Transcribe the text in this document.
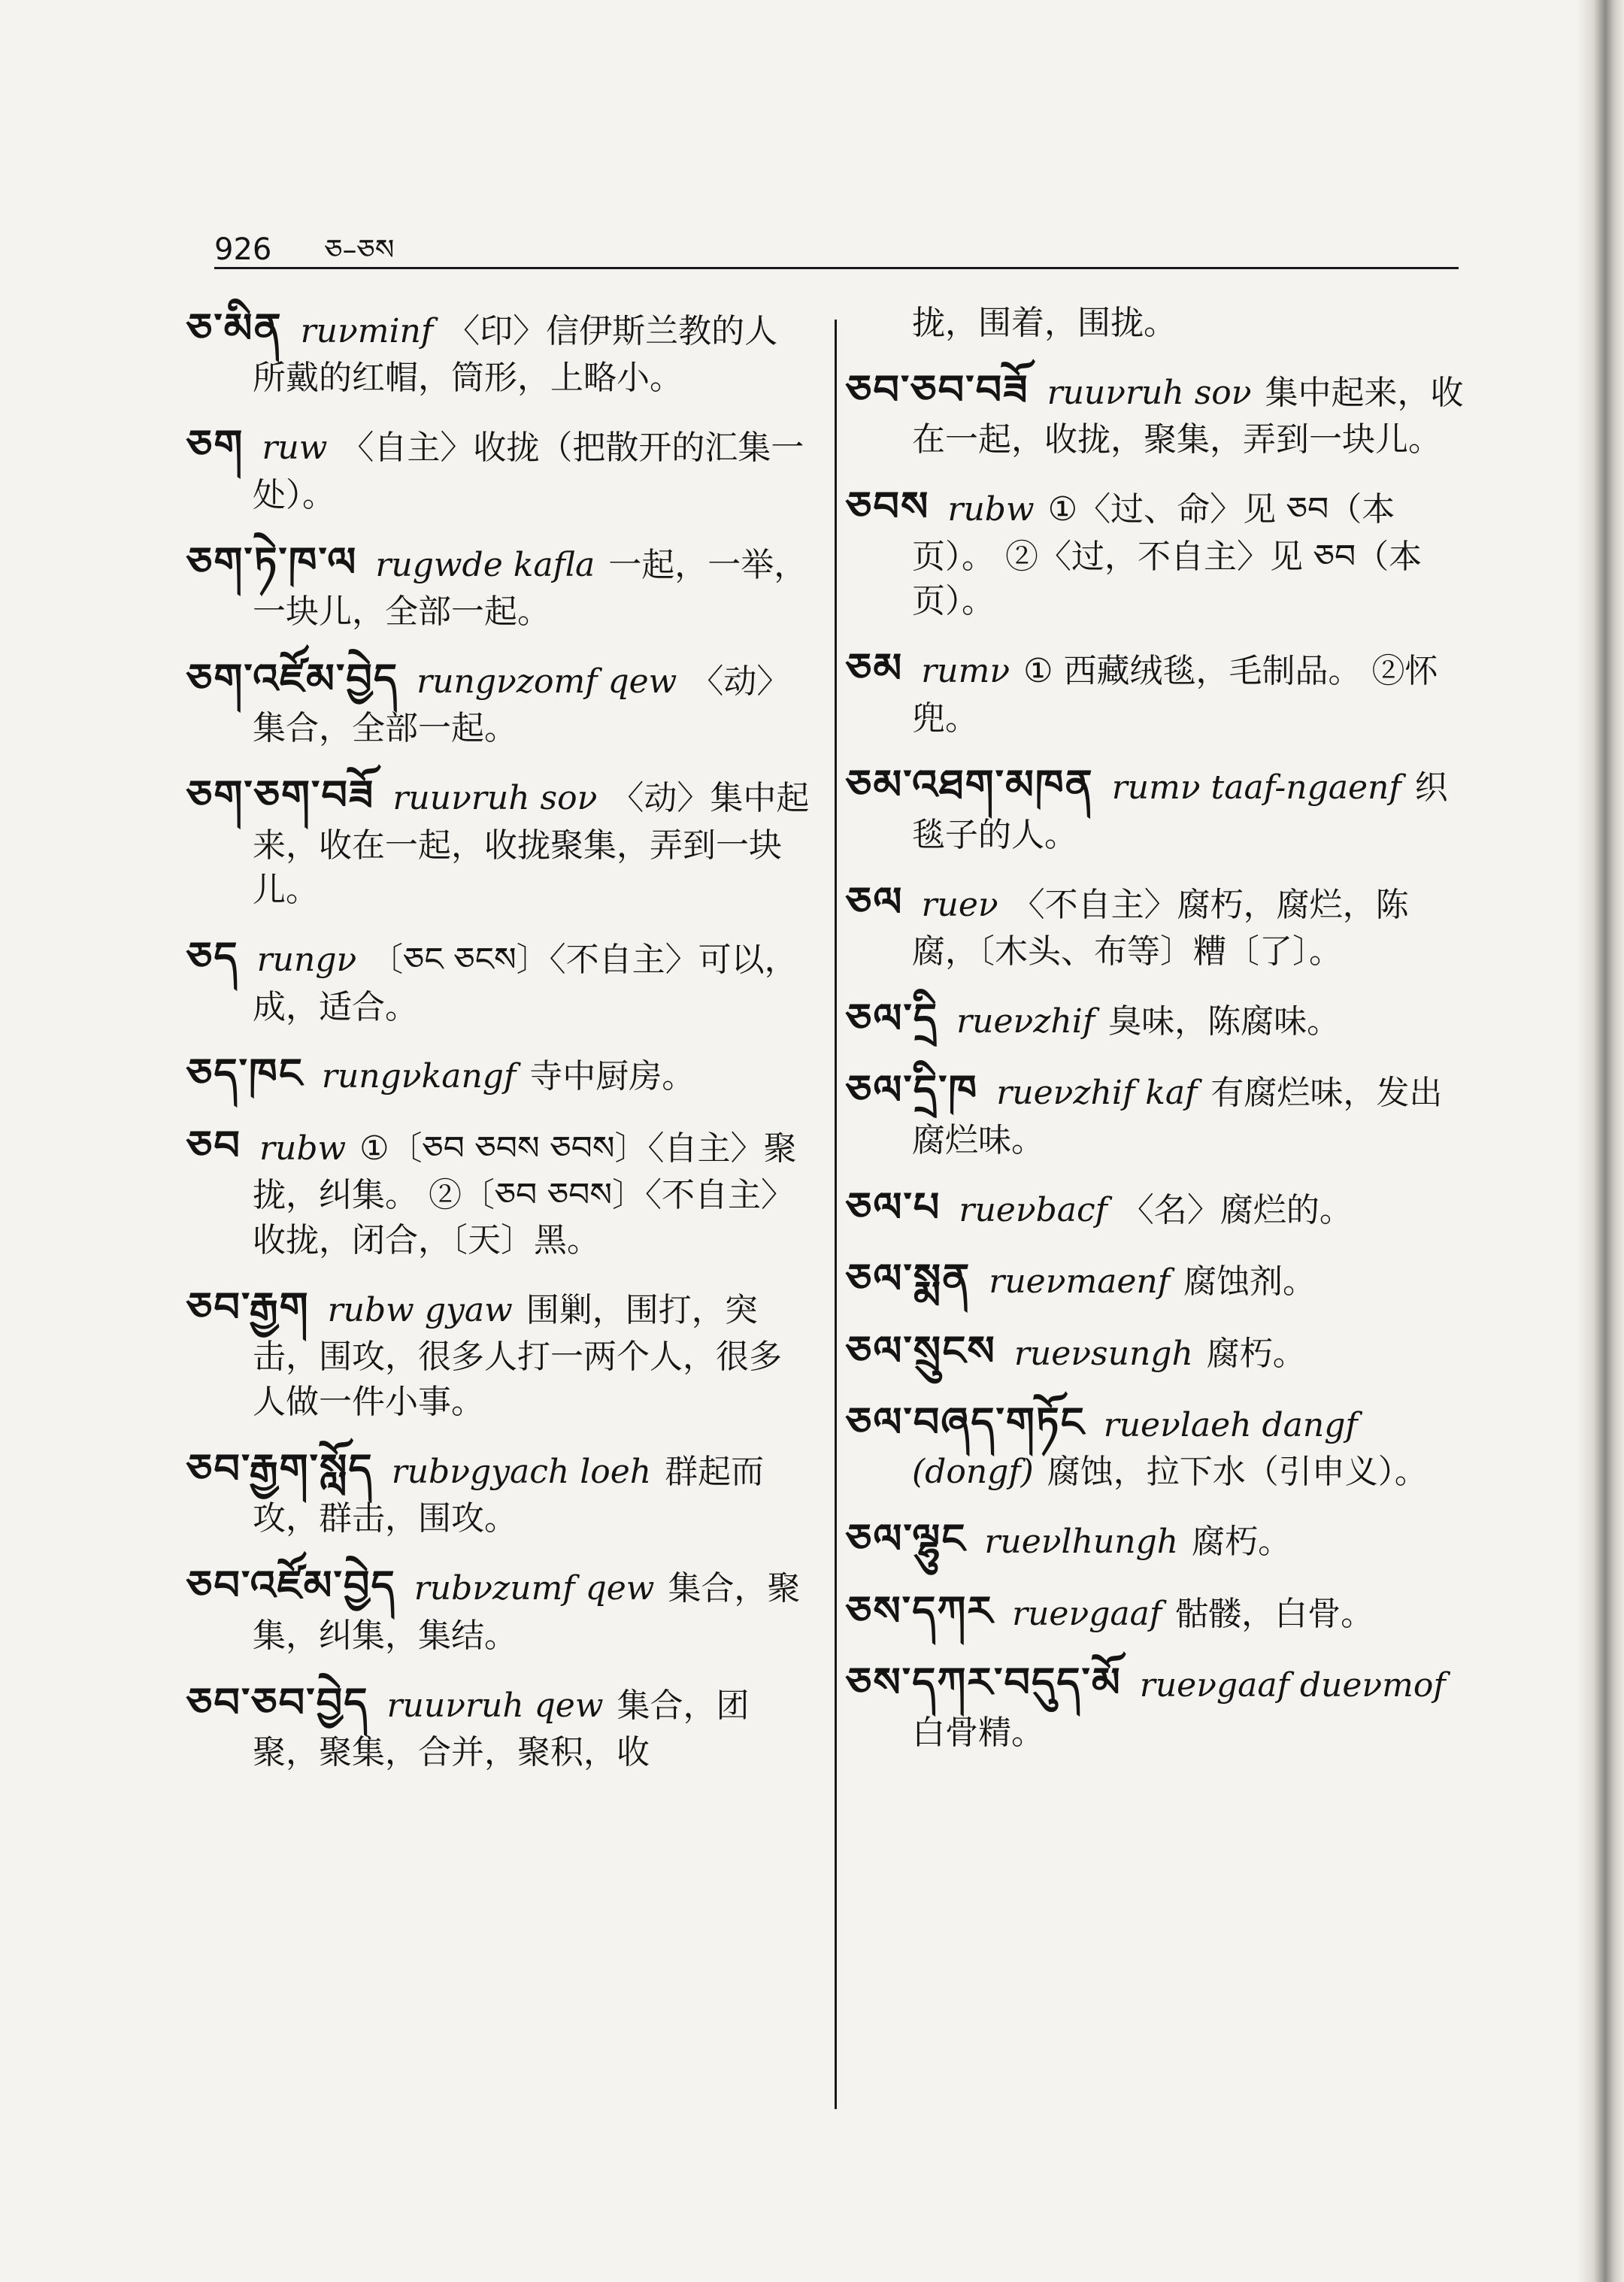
926 ཅ–ཅས
ཅ་མིན ruνminf 〈印〉信伊斯兰教的人所戴的红帽，筒形，上略小。
ཅག ruw 〈自主〉收拢（把散开的汇集一处）。
ཅག་ཏེ་ཁ་ལ rugwde kafla 一起，一举，一块儿，全部一起。
ཅག་འཛོམ་བྱེད rungνzomf qew 〈动〉集合，全部一起。
ཅག་ཅག་བཟོ ruuνruh soν 〈动〉集中起来，收在一起，收拢聚集，弄到一块儿。
ཅད rungν 〔ཅང ཅངས〕〈不自主〉可以，成，适合。
ཅད་ཁང rungνkangf 寺中厨房。
ཅབ rubw ①〔ཅབ ཅབས ཅབས〕〈自主〉聚拢，纠集。 ②〔ཅབ ཅབས〕〈不自主〉收拢，闭合，〔天〕黑。
ཅབ་རྒྱག rubw gyaw 围剿，围打，突击，围攻，很多人打一两个人，很多人做一件小事。
ཅབ་རྒྱག་སློད rubνgyach loeh 群起而攻，群击，围攻。
ཅབ་འཛོམ་བྱེད rubνzumf qew 集合，聚集，纠集，集结。
ཅབ་ཅབ་བྱེད ruuνruh qew 集合，团聚，聚集，合并，聚积，收
拢，围着，围拢。
ཅབ་ཅབ་བཟོ ruuνruh soν 集中起来，收在一起，收拢，聚集，弄到一块儿。
ཅབས rubw ①〈过、命〉见 ཅབ（本页）。 ②〈过，不自主〉见 ཅབ（本页）。
ཅམ rumν ① 西藏绒毯，毛制品。 ②怀兜。
ཅམ་འཐག་མཁན rumν taaf-ngaenf 织毯子的人。
ཅལ rueν 〈不自主〉腐朽，腐烂，陈腐，〔木头、布等〕糟〔了〕。
ཅལ་དྲི rueνzhif 臭味，陈腐味。
ཅལ་དྲི་ཁ rueνzhif kaf 有腐烂味，发出腐烂味。
ཅལ་པ rueνbacf 〈名〉腐烂的。
ཅལ་སྨན rueνmaenf 腐蚀剂。
ཅལ་སྲུངས rueνsungh 腐朽。
ཅལ་བཞད་གཏོང rueνlaeh dangf (dongf) 腐蚀，拉下水（引申义）。
ཅལ་ལྷུང rueνlhungh 腐朽。
ཅས་དཀར rueνgaaf 骷髅，白骨。
ཅས་དཀར་བདུད་མོ rueνgaaf dueνmof白骨精。
